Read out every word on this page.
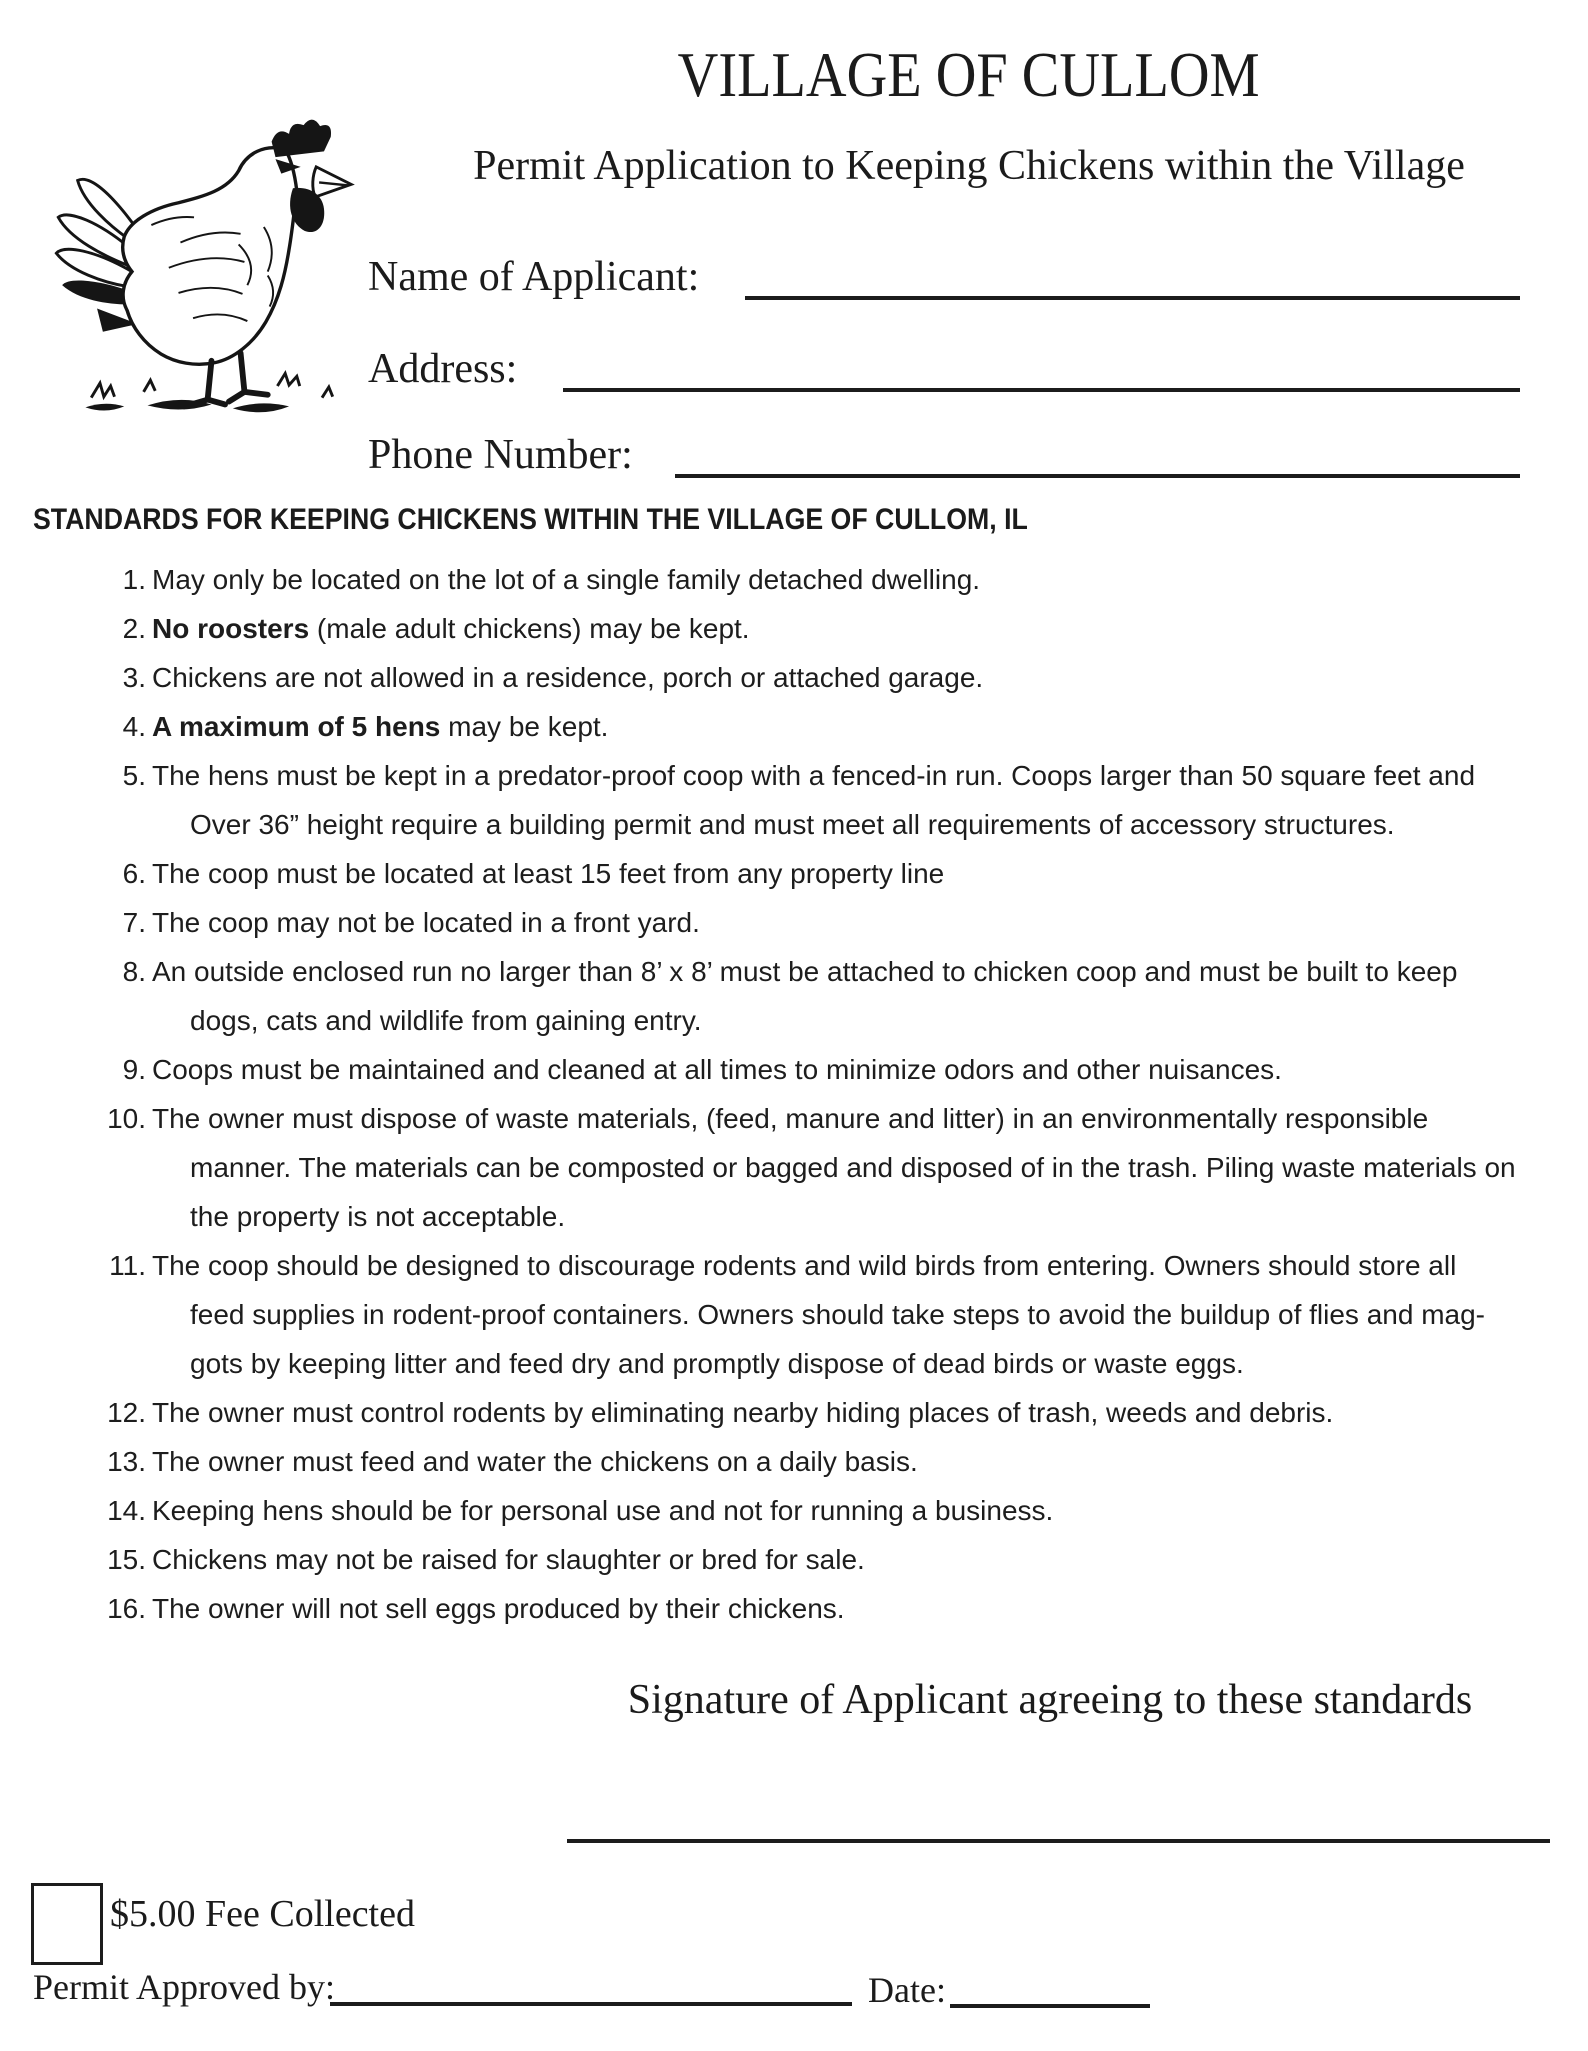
VILLAGE OF CULLOM
Permit Application to Keeping Chickens within the Village
Name of Applicant:
Address:
Phone Number:
STANDARDS FOR KEEPING CHICKENS WITHIN THE VILLAGE OF CULLOM, IL
1. May only be located on the lot of a single family detached dwelling.
2. No roosters (male adult chickens) may be kept.
3. Chickens are not allowed in a residence, porch or attached garage.
4. A maximum of 5 hens may be kept.
5. The hens must be kept in a predator-proof coop with a fenced-in run. Coops larger than 50 square feet and
Over 36” height require a building permit and must meet all requirements of accessory structures.
6. The coop must be located at least 15 feet from any property line
7. The coop may not be located in a front yard.
8. An outside enclosed run no larger than 8’ x 8’ must be attached to chicken coop and must be built to keep
dogs, cats and wildlife from gaining entry.
9. Coops must be maintained and cleaned at all times to minimize odors and other nuisances.
10. The owner must dispose of waste materials, (feed, manure and litter) in an environmentally responsible
manner. The materials can be composted or bagged and disposed of in the trash. Piling waste materials on
the property is not acceptable.
11. The coop should be designed to discourage rodents and wild birds from entering. Owners should store all
feed supplies in rodent-proof containers. Owners should take steps to avoid the buildup of flies and mag-
gots by keeping litter and feed dry and promptly dispose of dead birds or waste eggs.
12. The owner must control rodents by eliminating nearby hiding places of trash, weeds and debris.
13. The owner must feed and water the chickens on a daily basis.
14. Keeping hens should be for personal use and not for running a business.
15. Chickens may not be raised for slaughter or bred for sale.
16. The owner will not sell eggs produced by their chickens.
Signature of Applicant agreeing to these standards
$5.00 Fee Collected
Permit Approved by:	Date:
